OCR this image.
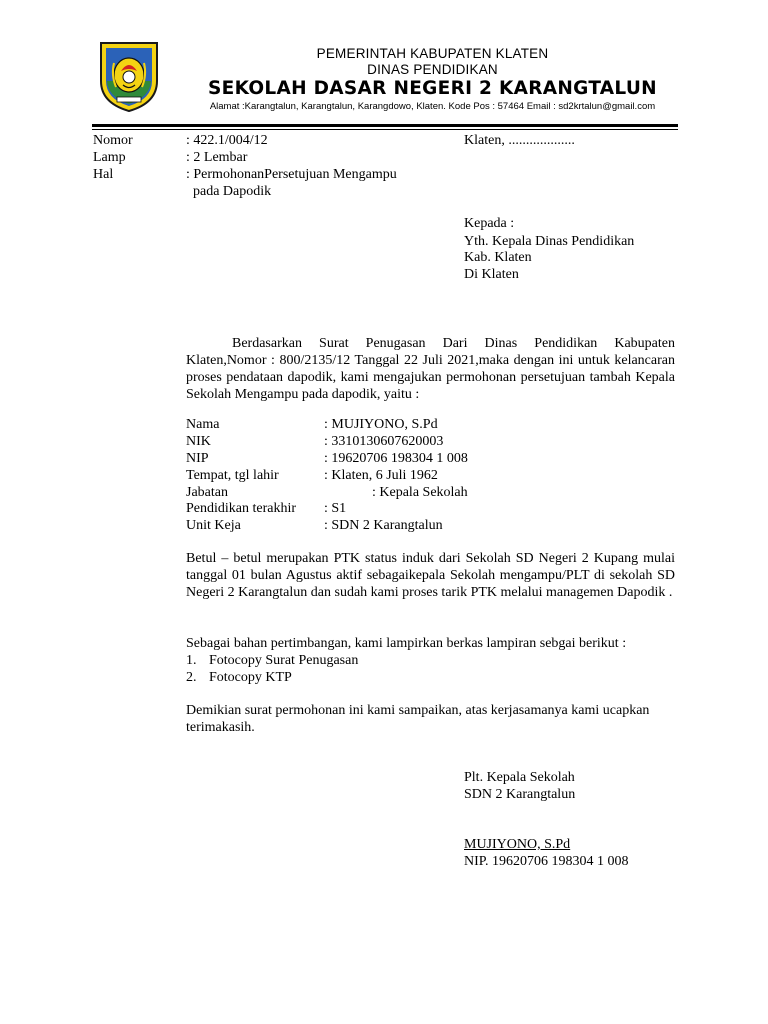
PEMERINTAH KABUPATEN KLATEN
DINAS PENDIDIKAN
SEKOLAH DASAR NEGERI 2 KARANGTALUN
Alamat :Karangtalun, Karangtalun, Karangdowo, Klaten. Kode Pos : 57464 Email : sd2krtalun@gmail.com
Nomor	: 422.1/004/12	Klaten, ...................
Lamp	: 2 Lembar
Hal	: PermohonanPersetujuan Mengampu
pada Dapodik
Kepada :
Yth. Kepala Dinas Pendidikan
Kab. Klaten
Di Klaten
Berdasarkan Surat Penugasan Dari Dinas Pendidikan Kabupaten Klaten,Nomor : 800/2135/12 Tanggal 22 Juli 2021,maka dengan ini untuk kelancaran proses pendataan dapodik, kami mengajukan permohonan persetujuan tambah Kepala Sekolah Mengampu pada dapodik, yaitu :
Nama	: MUJIYONO, S.Pd
NIK	: 3310130607620003
NIP	: 19620706 198304 1 008
Tempat, tgl lahir	: Klaten, 6 Juli 1962
Jabatan	: Kepala Sekolah
Pendidikan terakhir : S1
Unit Keja	: SDN 2 Karangtalun
Betul – betul merupakan PTK status induk dari Sekolah SD Negeri 2 Kupang mulai tanggal 01 bulan Agustus aktif sebagaikepala Sekolah mengampu/PLT di sekolah SD Negeri 2 Karangtalun dan sudah kami proses tarik PTK melalui managemen Dapodik .
Sebagai bahan pertimbangan, kami lampirkan berkas lampiran sebgai berikut :
1. Fotocopy Surat Penugasan
2. Fotocopy KTP
Demikian surat permohonan ini kami sampaikan, atas kerjasamanya kami ucapkan terimakasih.
Plt. Kepala Sekolah
SDN 2 Karangtalun
MUJIYONO, S.Pd
NIP. 19620706 198304 1 008
